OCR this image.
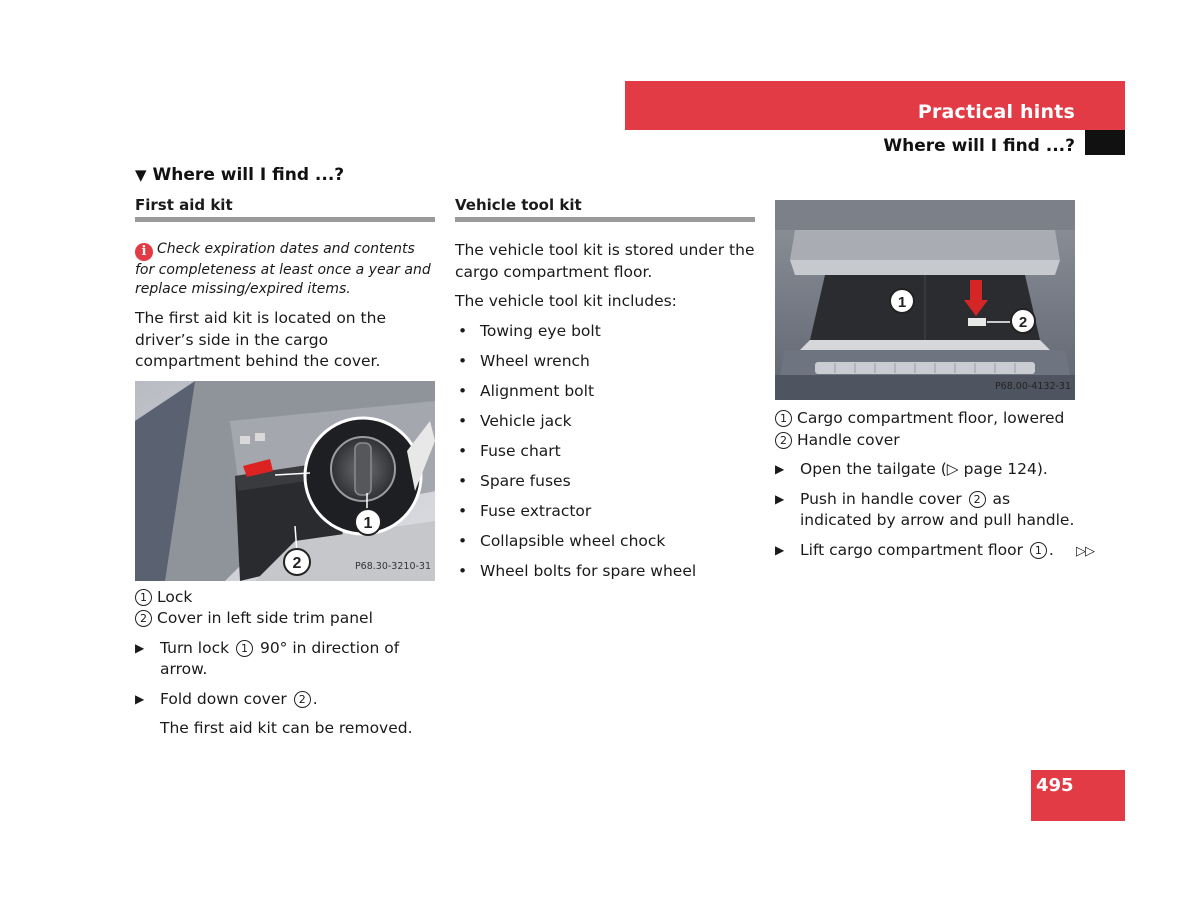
Practical hints
Where will I find ...?
▼ Where will I find ...?
First aid kit

i Check expiration dates and contents for completeness at least once a year and replace missing/expired items.

The first aid kit is located on the driver’s side in the cargo compartment behind the cover.

1
2	P68.30-3210-31
1 Lock
2 Cover in left side trim panel
▶ Turn lock 1 90° in direction of arrow.
▶ Fold down cover 2 .
The first aid kit can be removed.
Vehicle tool kit

The vehicle tool kit is stored under the cargo compartment floor.

The vehicle tool kit includes:

• Towing eye bolt
• Wheel wrench
• Alignment bolt
• Vehicle jack
• Fuse chart
• Spare fuses
• Fuse extractor
• Collapsible wheel chock
• Wheel bolts for spare wheel
1
2
P68.00-4132-31
1 Cargo compartment floor, lowered
2 Handle cover
▶ Open the tailgate (▷ page 124).
▶ Push in handle cover 2 as indicated by arrow and pull handle.
▶ Lift cargo compartment floor 1 .	▷▷
495
